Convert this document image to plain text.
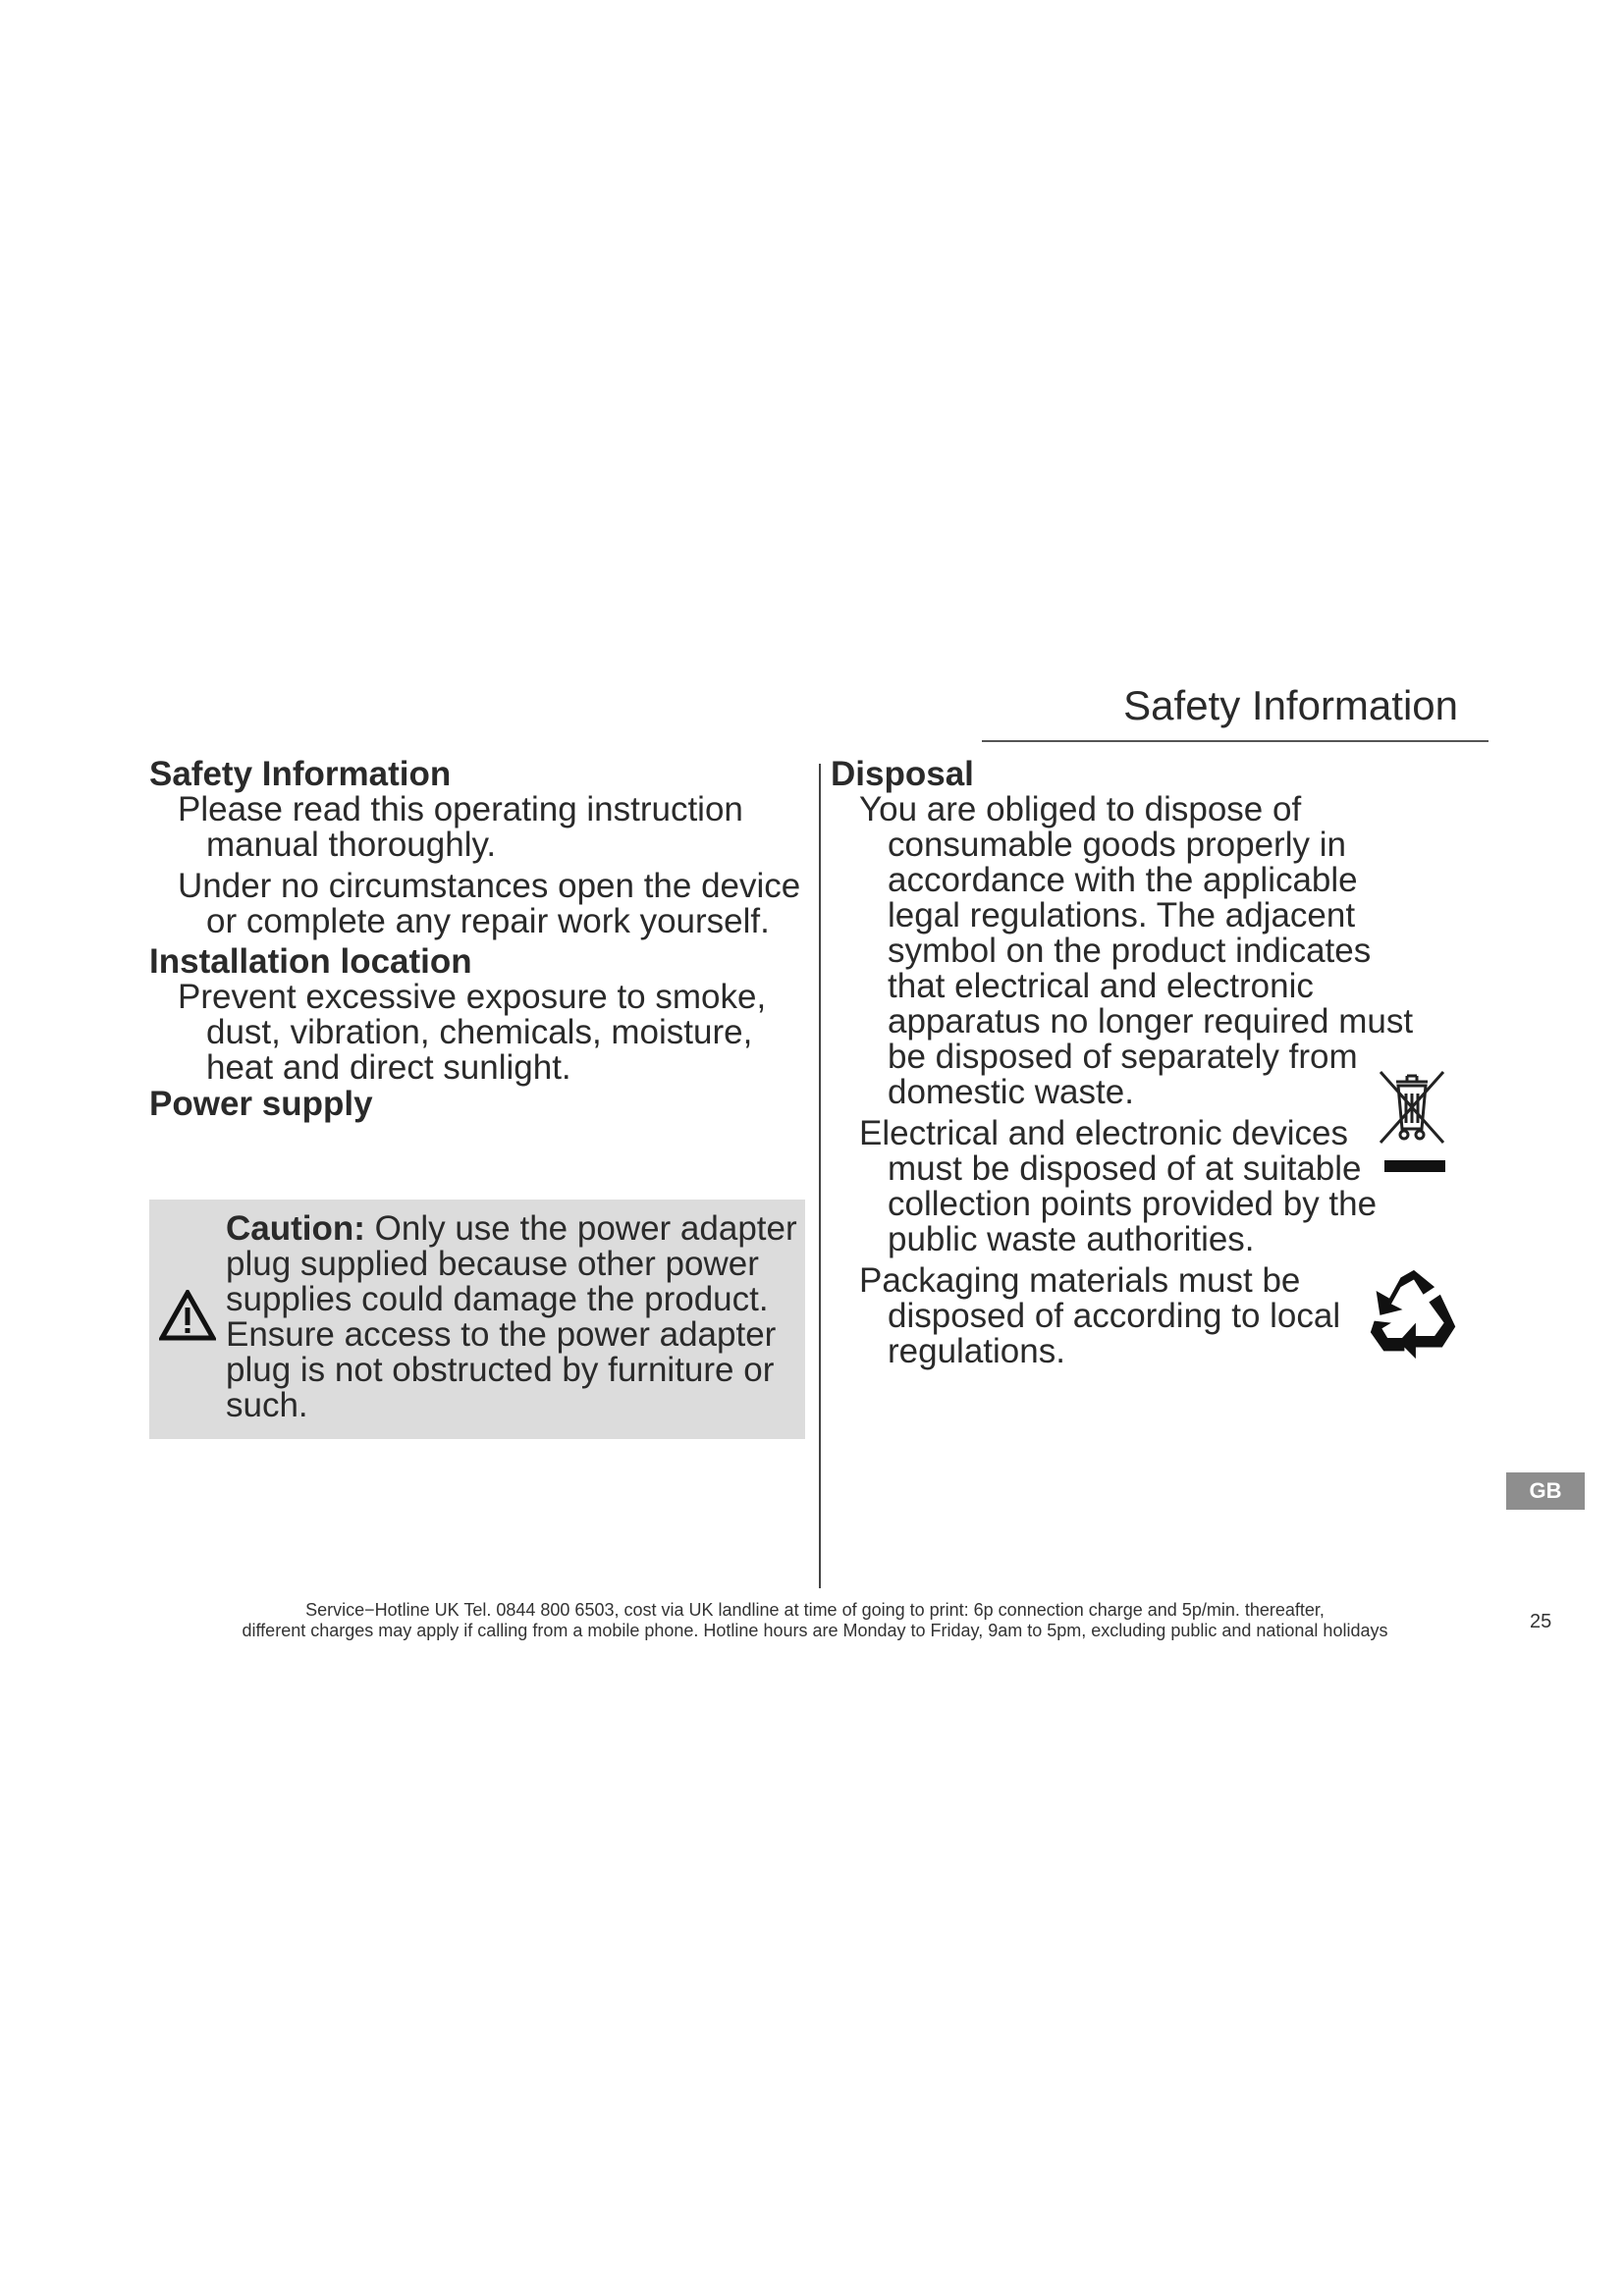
Safety Information
Safety Information

Please read this operating instruction manual thoroughly.

Under no circumstances open the device or complete any repair work yourself.

Installation location

Prevent excessive exposure to smoke, dust, vibration, chemicals, moisture, heat and direct sunlight.

Power supply

Caution: Only use the power adapter plug supplied because other power supplies could damage the product. Ensure access to the power adapter plug is not obstructed by furniture or such.

Disposal

You are obliged to dispose of consumable goods properly in accordance with the applicable legal regulations. The adjacent symbol on the product indicates that electrical and electronic apparatus no longer required must be disposed of separately from domestic waste.

Electrical and electronic devices must be disposed of at suitable collection points provided by the public waste authorities.

Packaging materials must be disposed of according to local regulations.

GB

Service−Hotline UK Tel. 0844 800 6503, cost via UK landline at time of going to print: 6p connection charge and 5p/min. thereafter,

different charges may apply if calling from a mobile phone. Hotline hours are Monday to Friday, 9am to 5pm, excluding public and national holidays	25
